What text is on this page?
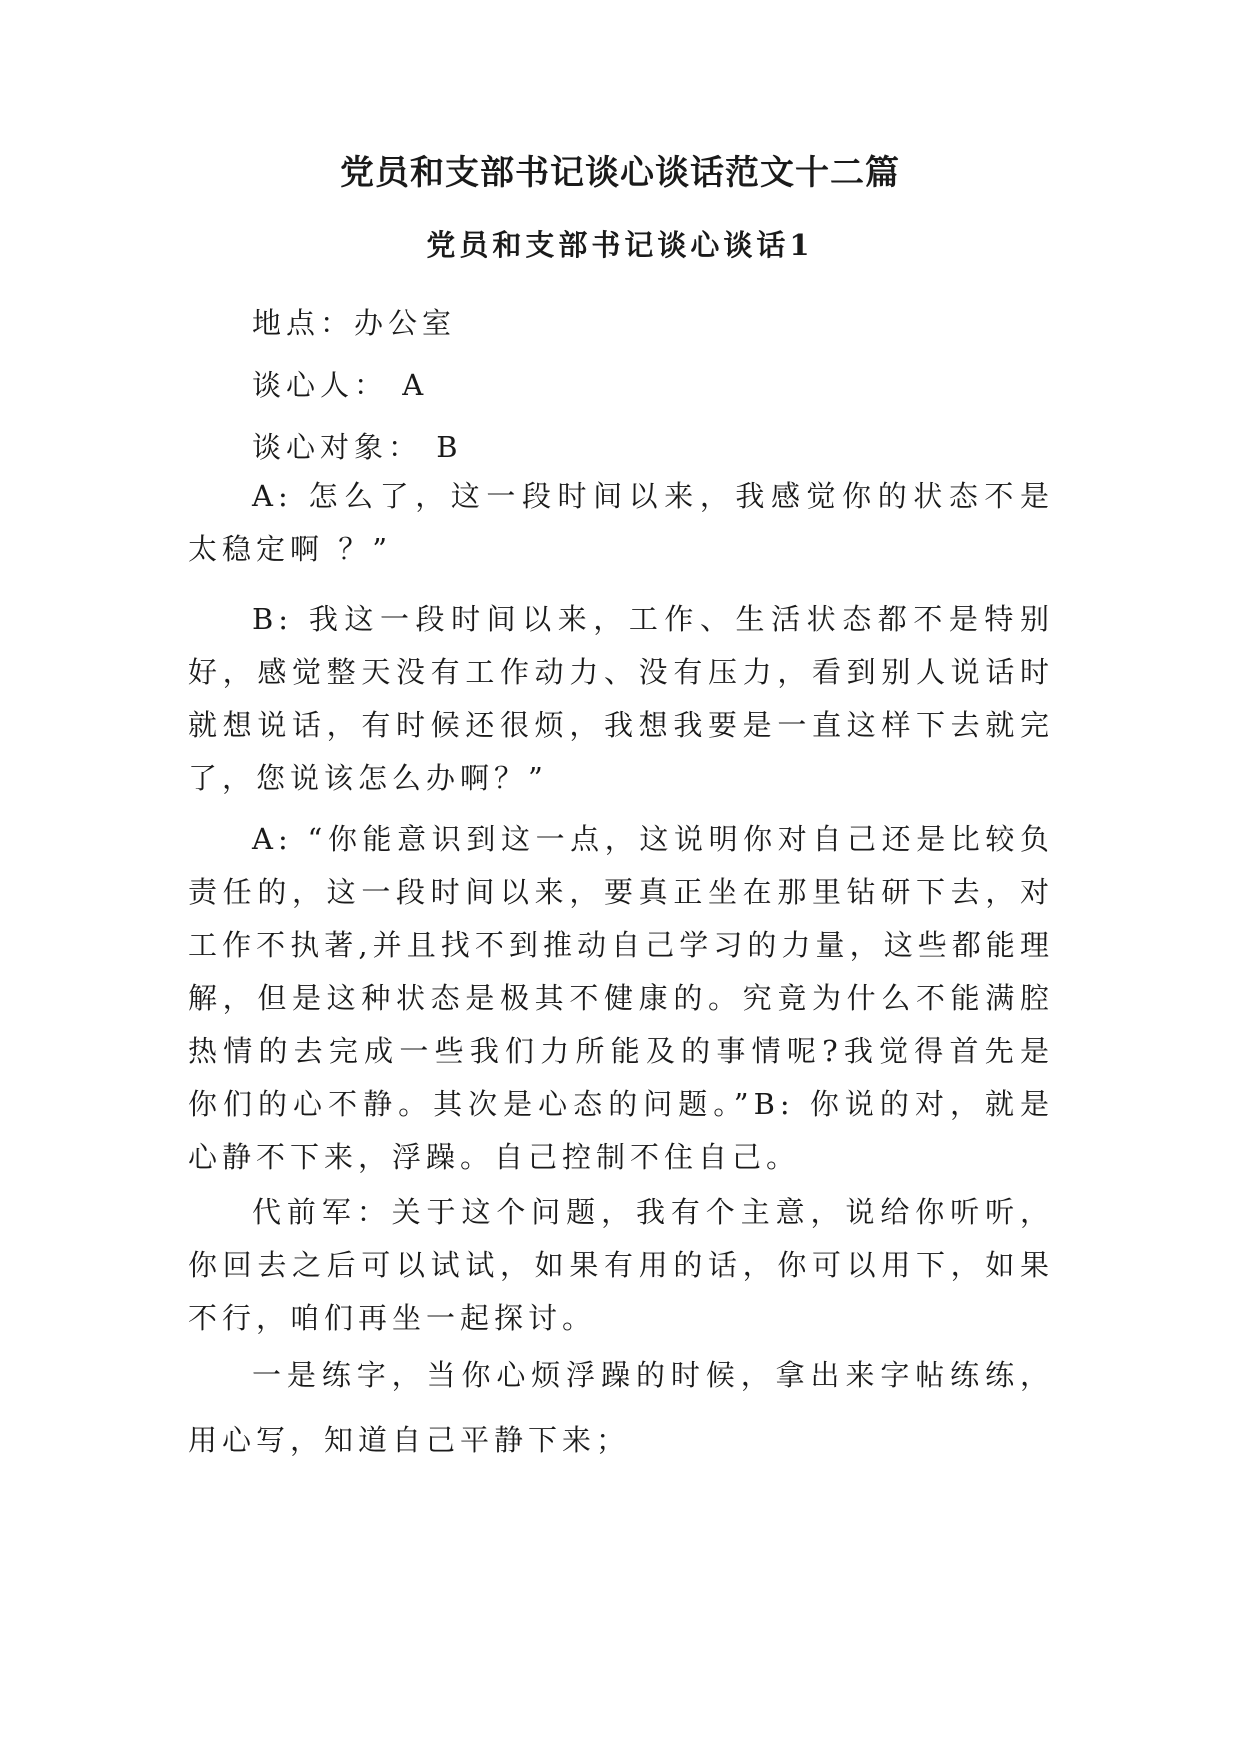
党员和支部书记谈心谈话范文十二篇
党员和支部书记谈心谈话1

地点：办公室

谈心人： A

谈心对象： B

A: 怎么了，这一段时间以来，我感觉你的状态不是太稳定啊 ？”

B: 我这一段时间以来，工作、生活状态都不是特别好，感觉整天没有工作动力、没有压力，看到别人说话时就想说话，有时候还很烦，我想我要是一直这样下去就完了，您说该怎么办啊？”

A: “你能意识到这一点，这说明你对自己还是比较负责任的，这一段时间以来，要真正坐在那里钻研下去，对工作不执著,并且找不到推动自己学习的力量，这些都能理解，但是这种状态是极其不健康的。究竟为什么不能满腔热情的去完成一些我们力所能及的事情呢?我觉得首先是你们的心不静。其次是心态的问题。”B: 你说的对，就是心静不下来，浮躁。自己控制不住自己。

代前军：关于这个问题，我有个主意，说给你听听，你回去之后可以试试，如果有用的话，你可以用下，如果不行，咱们再坐一起探讨。

一是练字，当你心烦浮躁的时候，拿出来字帖练练，用心写，知道自己平静下来；
